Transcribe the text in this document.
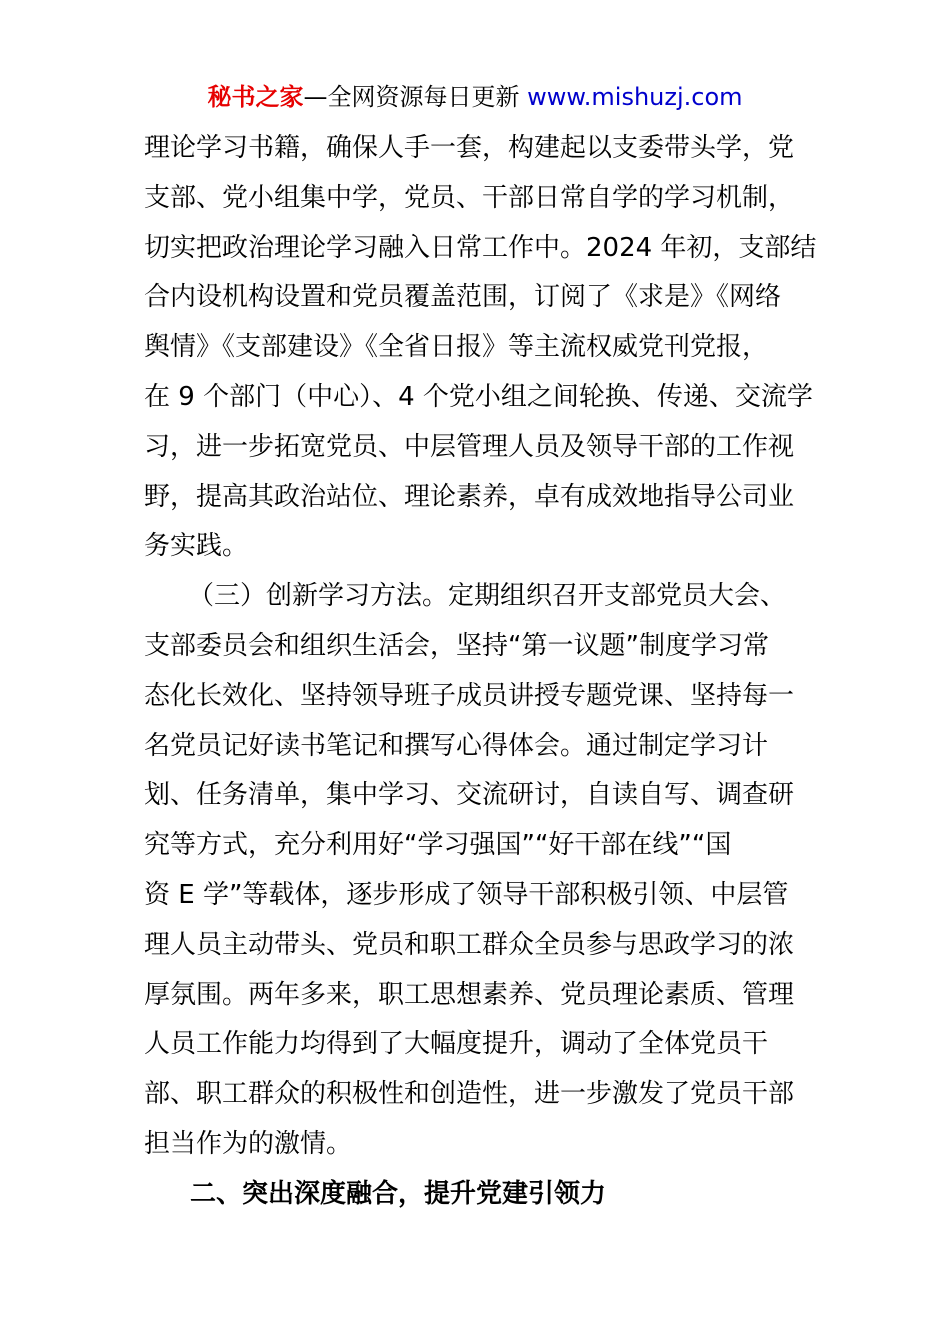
秘书之家—全网资源每日更新 www.mishuzj.com
理论学习书籍，确保人手一套，构建起以支委带头学，党
支部、党小组集中学，党员、干部日常自学的学习机制，
切实把政治理论学习融入日常工作中。2024 年初，支部结
合内设机构设置和党员覆盖范围，订阅了《求是》《网络
舆情》《支部建设》《全省日报》等主流权威党刊党报，
在 9 个部门（中心）、4 个党小组之间轮换、传递、交流学
习，进一步拓宽党员、中层管理人员及领导干部的工作视
野，提高其政治站位、理论素养，卓有成效地指导公司业
务实践。
（三）创新学习方法。定期组织召开支部党员大会、
支部委员会和组织生活会，坚持“第一议题”制度学习常
态化长效化、坚持领导班子成员讲授专题党课、坚持每一
名党员记好读书笔记和撰写心得体会。通过制定学习计
划、任务清单，集中学习、交流研讨，自读自写、调查研
究等方式，充分利用好“学习强国”“好干部在线”“国
资 E 学”等载体，逐步形成了领导干部积极引领、中层管
理人员主动带头、党员和职工群众全员参与思政学习的浓
厚氛围。两年多来，职工思想素养、党员理论素质、管理
人员工作能力均得到了大幅度提升，调动了全体党员干
部、职工群众的积极性和创造性，进一步激发了党员干部
担当作为的激情。
二、突出深度融合，提升党建引领力
